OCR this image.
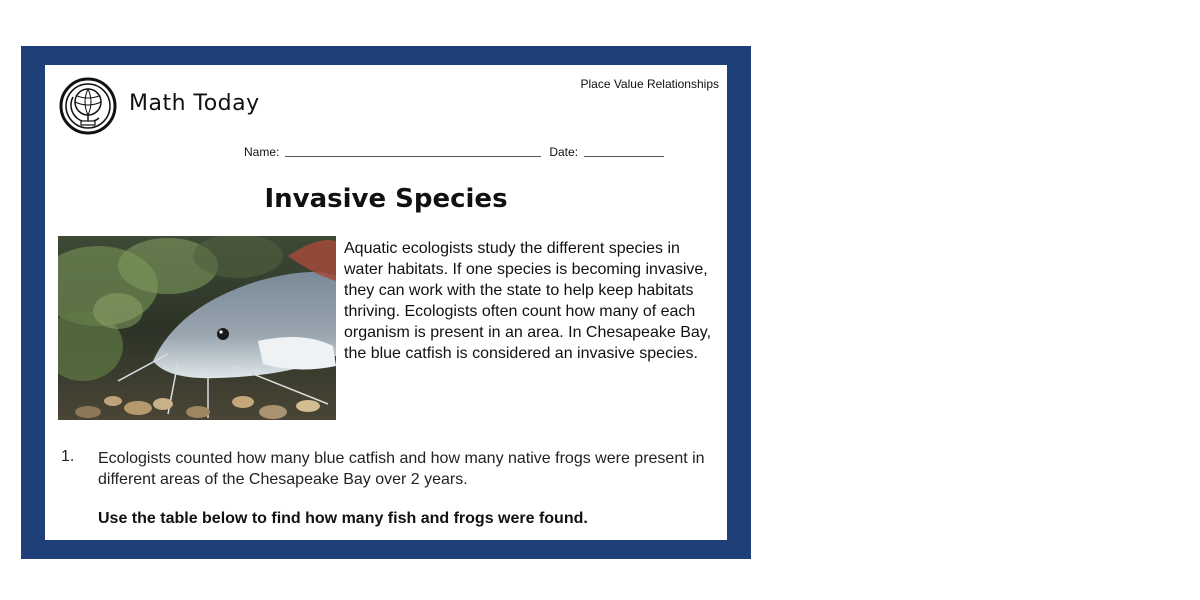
Math Today
Place Value Relationships
Name:	Date:
Invasive Species

Aquatic ecologists study the different species in water habitats. If one species is becoming invasive, they can work with the state to help keep habitats thriving. Ecologists often count how many of each organism is present in an area. In Chesapeake Bay, the blue catfish is considered an invasive species.

1. Ecologists counted how many blue catfish and how many native frogs were present in different areas of the Chesapeake Bay over 2 years.

Use the table below to find how many fish and frogs were found.
